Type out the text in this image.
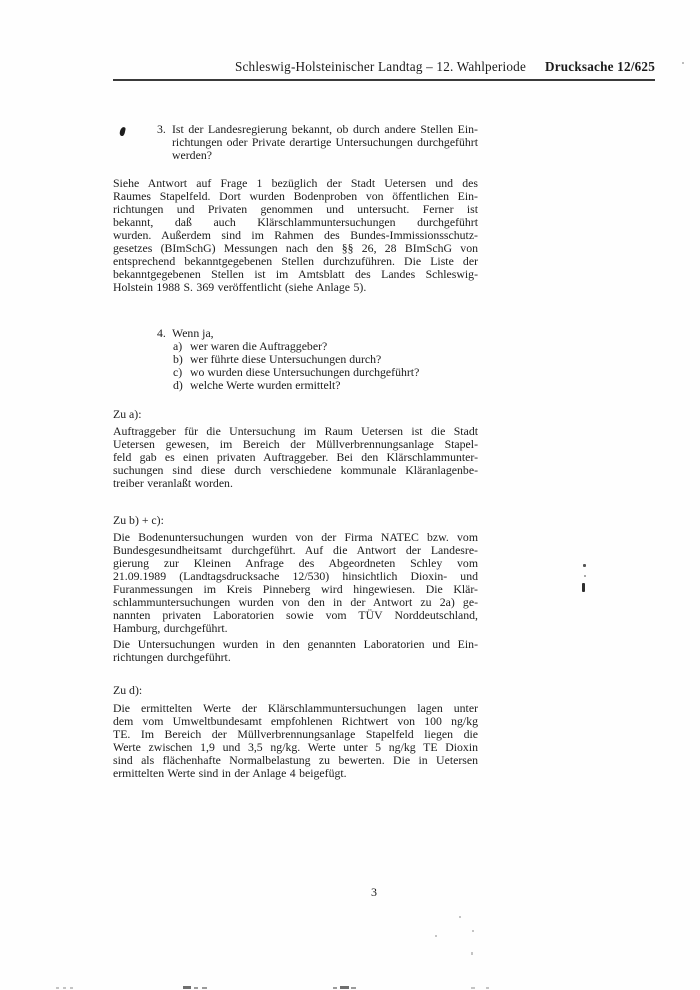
Schleswig-Holsteinischer Landtag – 12. Wahlperiode Drucksache 12/625
3. Ist der Landesregierung bekannt, ob durch andere Stellen Ein-
richtungen oder Private derartige Untersuchungen durchgeführt
werden?
Siehe Antwort auf Frage 1 bezüglich der Stadt Uetersen und des
Raumes Stapelfeld. Dort wurden Bodenproben von öffentlichen Ein-
richtungen und Privaten genommen und untersucht. Ferner ist
bekannt, daß auch Klärschlammuntersuchungen durchgeführt
wurden. Außerdem sind im Rahmen des Bundes-Immissionsschutz-
gesetzes (BImSchG) Messungen nach den §§ 26, 28 BImSchG von
entsprechend bekanntgegebenen Stellen durchzuführen. Die Liste der
bekanntgegebenen Stellen ist im Amtsblatt des Landes Schleswig-
Holstein 1988 S. 369 veröffentlicht (siehe Anlage 5).
4. Wenn ja,
a) wer waren die Auftraggeber?
b) wer führte diese Untersuchungen durch?
c) wo wurden diese Untersuchungen durchgeführt?
d) welche Werte wurden ermittelt?
Zu a):
Auftraggeber für die Untersuchung im Raum Uetersen ist die Stadt
Uetersen gewesen, im Bereich der Müllverbrennungsanlage Stapel-
feld gab es einen privaten Auftraggeber. Bei den Klärschlammunter-
suchungen sind diese durch verschiedene kommunale Kläranlagenbe-
treiber veranlaßt worden.
Zu b) + c):
Die Bodenuntersuchungen wurden von der Firma NATEC bzw. vom
Bundesgesundheitsamt durchgeführt. Auf die Antwort der Landesre-
gierung zur Kleinen Anfrage des Abgeordneten Schley vom
21.09.1989 (Landtagsdrucksache 12/530) hinsichtlich Dioxin- und
Furanmessungen im Kreis Pinneberg wird hingewiesen. Die Klär-
schlammuntersuchungen wurden von den in der Antwort zu 2a) ge-
nannten privaten Laboratorien sowie vom TÜV Norddeutschland,
Hamburg, durchgeführt.
Die Untersuchungen wurden in den genannten Laboratorien und Ein-
richtungen durchgeführt.
Zu d):
Die ermittelten Werte der Klärschlammuntersuchungen lagen unter
dem vom Umweltbundesamt empfohlenen Richtwert von 100 ng/kg
TE. Im Bereich der Müllverbrennungsanlage Stapelfeld liegen die
Werte zwischen 1,9 und 3,5 ng/kg. Werte unter 5 ng/kg TE Dioxin
sind als flächenhafte Normalbelastung zu bewerten. Die in Uetersen
ermittelten Werte sind in der Anlage 4 beigefügt.
3
